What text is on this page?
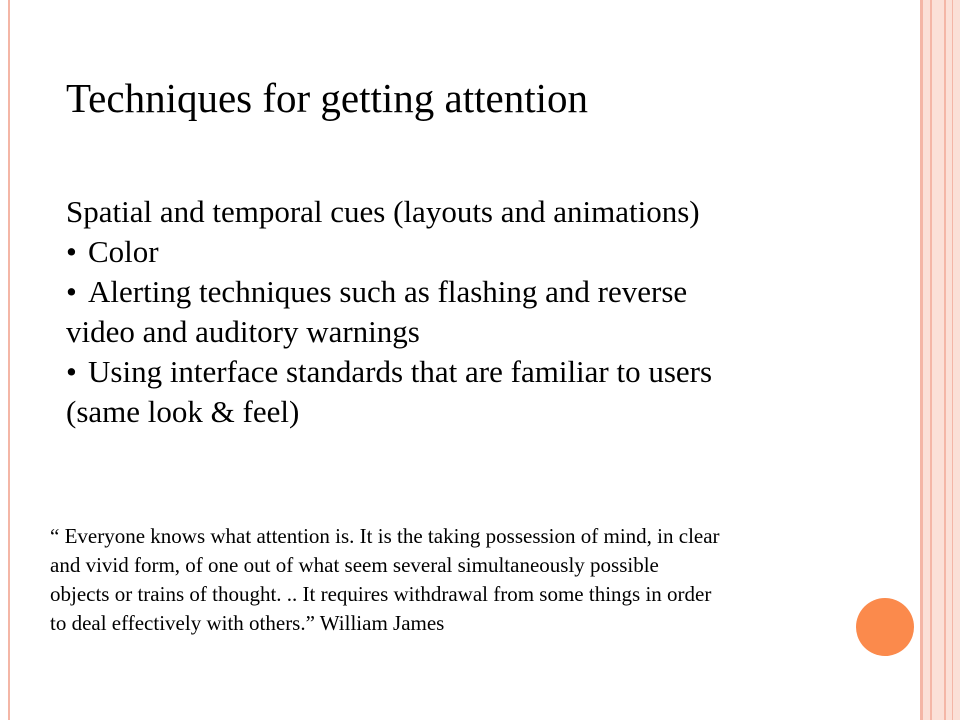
Techniques for getting attention
Spatial and temporal cues (layouts and animations)
• Color
• Alerting techniques such as flashing and reverse
video and auditory warnings
• Using interface standards that are familiar to users
(same look & feel)
“ Everyone knows what attention is. It is the taking possession of mind, in clear
and vivid form, of one out of what seem several simultaneously possible
objects or trains of thought. .. It requires withdrawal from some things in order
to deal effectively with others.” William James
